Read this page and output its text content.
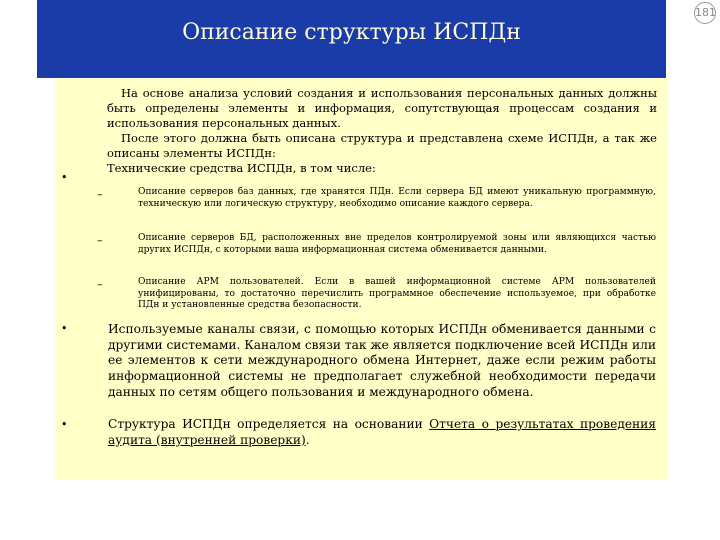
Описание структуры ИСПДн
181
На основе анализа условий создания и использования персональных данных должны быть определены элементы и информация, сопутствующая процессам создания и использования персональных данных.
После этого должна быть описана структура и представлена схеме ИСПДн, а так же описаны элементы ИСПДн:
•
Технические средства ИСПДн, в том числе:
–	Описание серверов баз данных, где хранятся ПДн. Если сервера БД имеют уникальную программную, техническую или логическую структуру, необходимо описание каждого сервера.
–	Описание серверов БД, расположенных вне пределов контролируемой зоны или являющихся частью других ИСПДн, с которыми ваша информационная система обменивается данными.
–	Описание АРМ пользователей. Если в вашей информационной системе АРМ пользователей унифицированы, то достаточно перечислить программное обеспечение используемое, при обработке ПДн и установленные средства безопасности.
•	Используемые каналы связи, с помощью которых ИСПДн обменивается данными с другими системами. Каналом связи так же является подключение всей ИСПДн или ее элементов к сети международного обмена Интернет, даже если режим работы информационной системы не предполагает служебной необходимости передачи данных по сетям общего пользования и международного обмена.
•	Структура ИСПДн определяется на основании Отчета о результатах проведения аудита (внутренней проверки).
